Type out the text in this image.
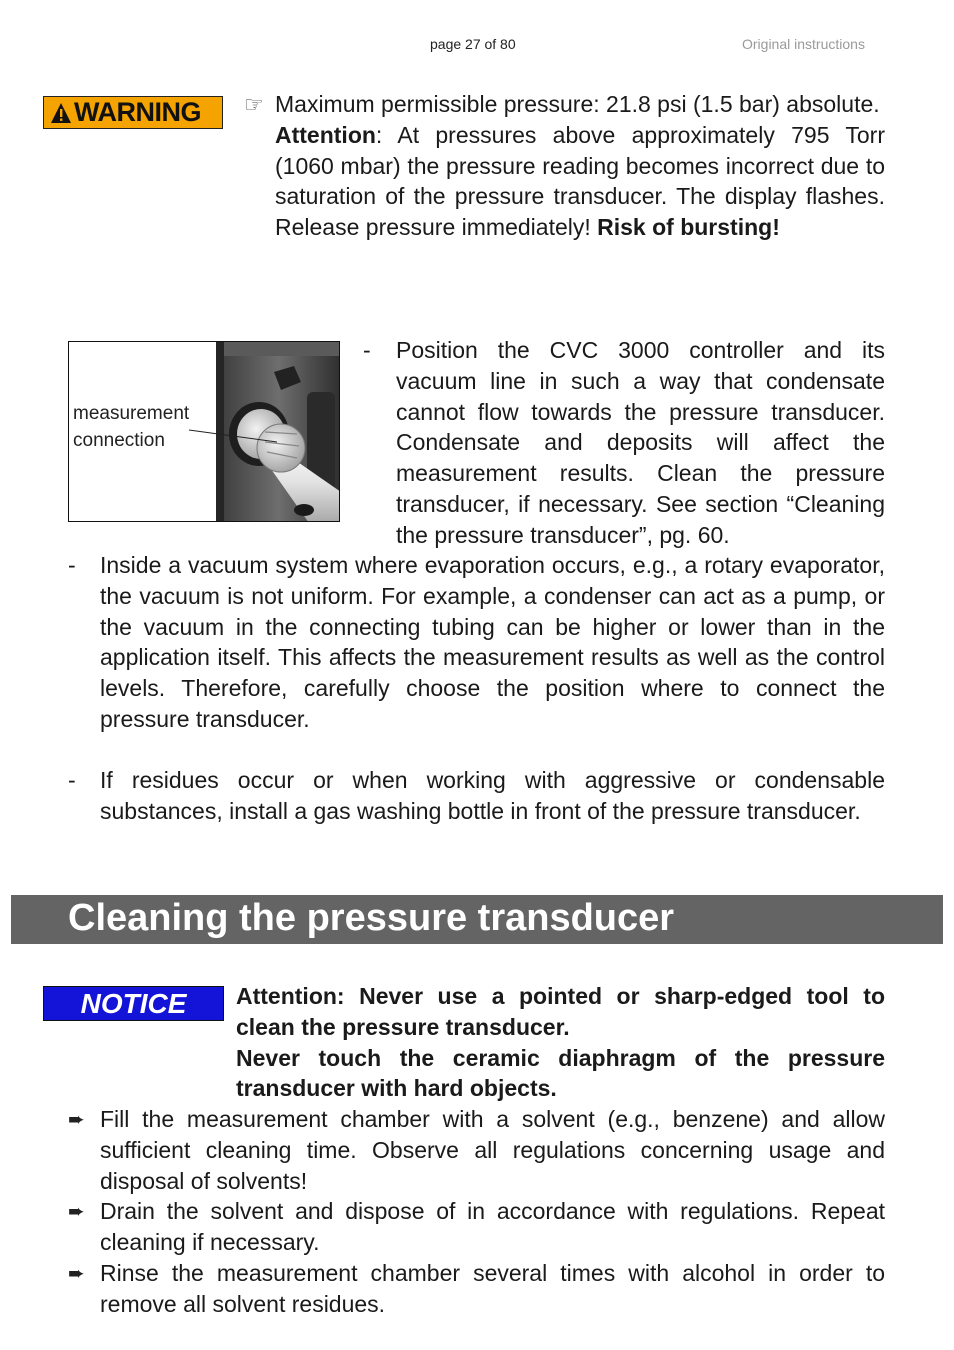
page 27 of 80	Original instructions
WARNING ☞ Maximum permissible pressure: 21.8 psi (1.5 bar) absolute.
Attention: At pressures above approximately 795 Torr (1060 mbar) the pressure reading becomes incorrect due to saturation of the pressure transducer. The display flashes. Release pressure immediately! Risk of bursting!
measurement
connection
- Position the CVC 3000 controller and its vacuum line in such a way that condensate cannot flow towards the pressure transducer. Condensate and deposits will affect the measurement results. Clean the pressure transducer, if necessary. See section “Cleaning the pressure transducer”, pg. 60.
- Inside a vacuum system where evaporation occurs, e.g., a rotary evaporator, the vacuum is not uniform. For example, a condenser can act as a pump, or the vacuum in the connecting tubing can be higher or lower than in the application itself. This affects the measurement results as well as the control levels. Therefore, carefully choose the position where to connect the pressure transducer.
- If residues occur or when working with aggressive or condensable substances, install a gas washing bottle in front of the pressure transducer.
Cleaning the pressure transducer
NOTICE	Attention: Never use a pointed or sharp-edged tool to clean the pressure transducer.
Never touch the ceramic diaphragm of the pressure transducer with hard objects.
➨ Fill the measurement chamber with a solvent (e.g., benzene) and allow sufficient cleaning time. Observe all regulations concerning usage and disposal of solvents!
➨ Drain the solvent and dispose of in accordance with regulations. Repeat cleaning if necessary.
➨ Rinse the measurement chamber several times with alcohol in order to remove all solvent residues.
